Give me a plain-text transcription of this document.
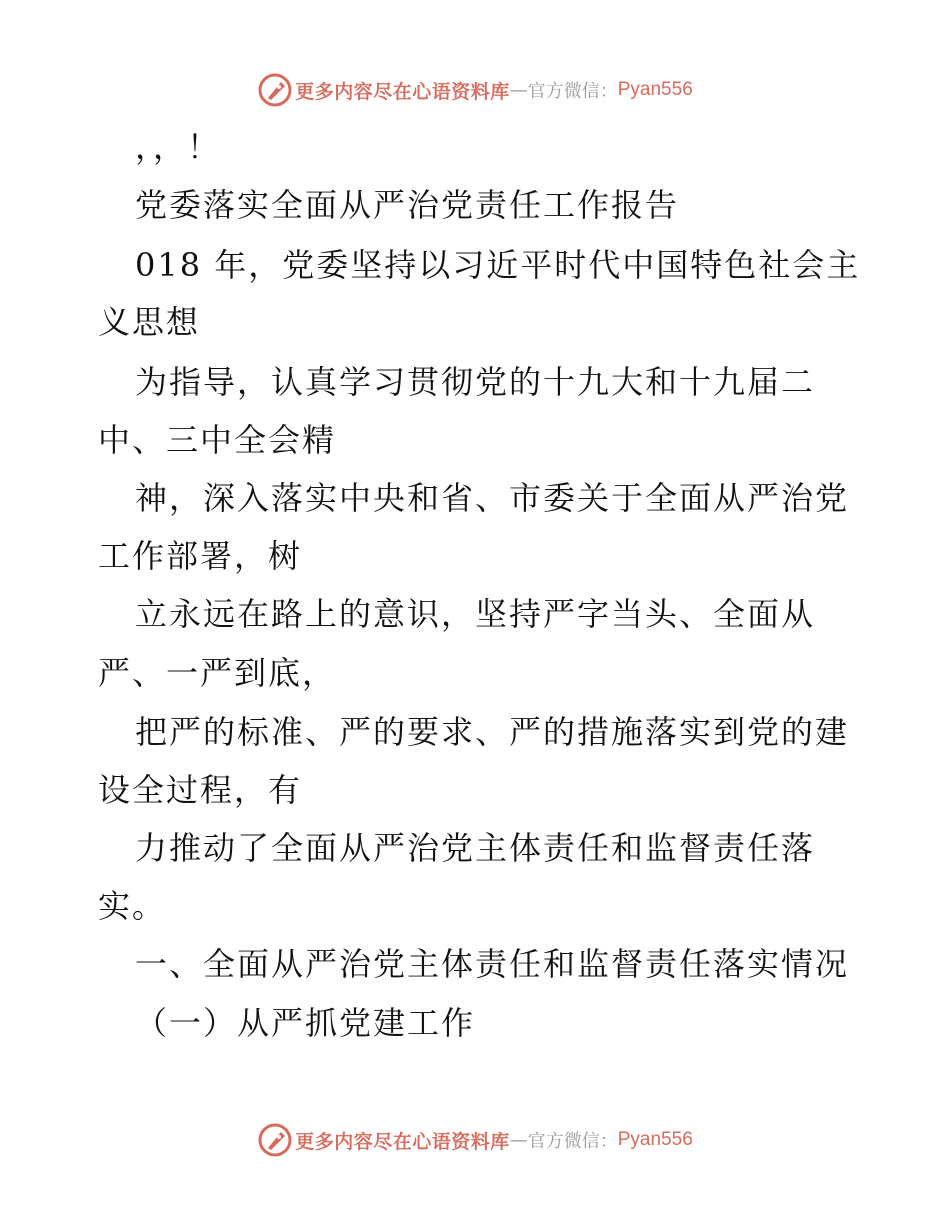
更多内容尽在心语资料库 — 官方微信： Pyan556
，，！
党委落实全面从严治党责任工作报告
018 年，党委坚持以习近平时代中国特色社会主
义思想
为指导，认真学习贯彻党的十九大和十九届二
中、三中全会精
神，深入落实中央和省、市委关于全面从严治党
工作部署，树
立永远在路上的意识，坚持严字当头、全面从
严、一严到底，
把严的标准、严的要求、严的措施落实到党的建
设全过程，有
力推动了全面从严治党主体责任和监督责任落
实。
一、全面从严治党主体责任和监督责任落实情况
（一）从严抓党建工作
更多内容尽在心语资料库 — 官方微信： Pyan556
